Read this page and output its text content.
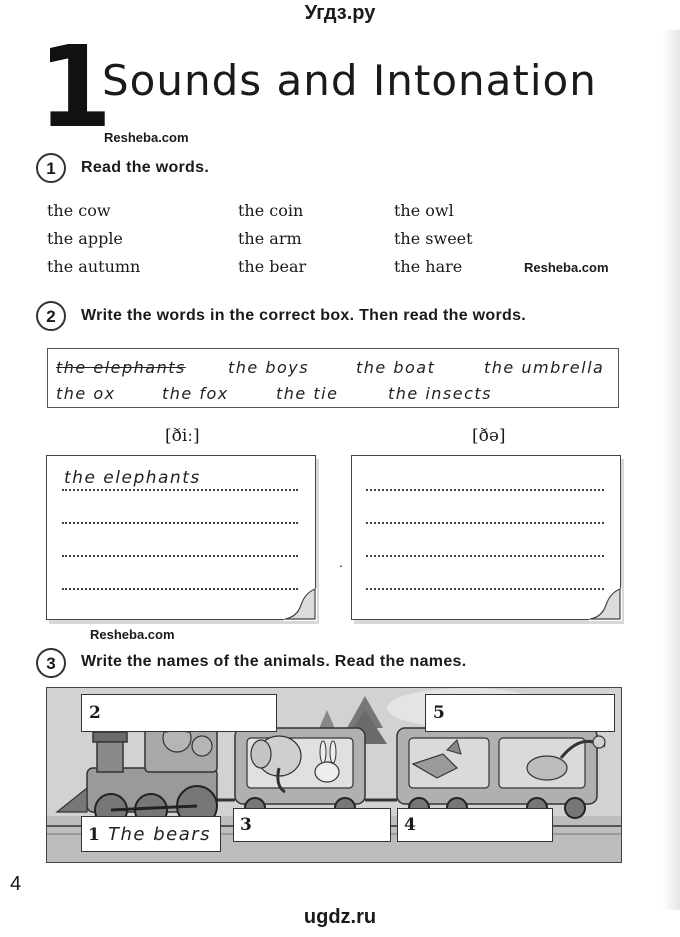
Угдз.ру
1
Sounds and Intonation
Resheba.com
1	Read the words.
the cow	the coin	the owl
the apple	the arm	the sweet
the autumn	the bear	the hare	Resheba.com
2	Write the words in the correct box. Then read the words.
the elephants	the boys	the boat	the umbrella
the ox	the fox	the tie	the insects
[ðiː]	[ðə]
the elephants
.
Resheba.com
3	Write the names of the animals. Read the names.
2	5
1 The bears 3	4
4
ugdz.ru
